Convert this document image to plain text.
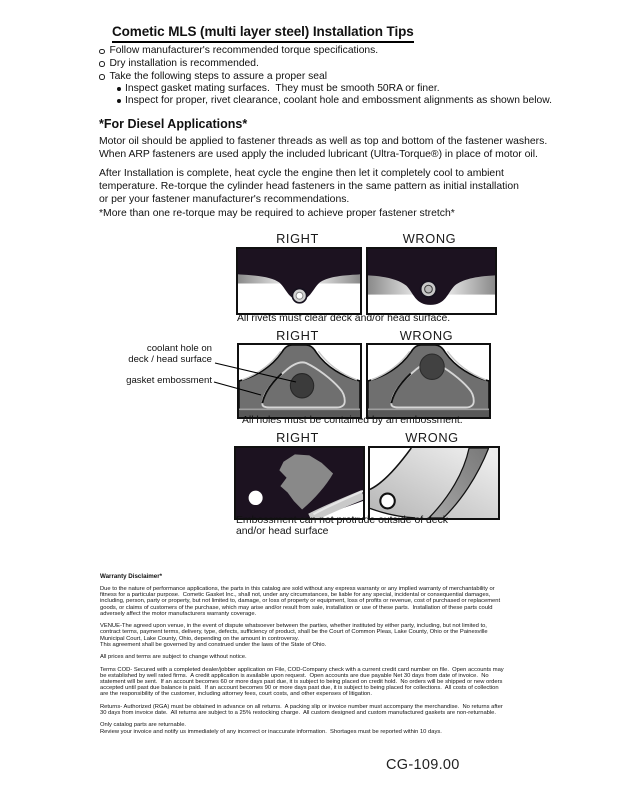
Cometic MLS (multi layer steel) Installation Tips
Follow manufacturer's recommended torque specifications.
Dry installation is recommended.
Take the following steps to assure a proper seal
Inspect gasket mating surfaces.  They must be smooth 50RA or finer.
Inspect for proper, rivet clearance, coolant hole and embossment alignments as shown below.
*For Diesel Applications*
Motor oil should be applied to fastener threads as well as top and bottom of the fastener washers.
When ARP fasteners are used apply the included lubricant (Ultra-Torque®) in place of motor oil.
After Installation is complete, heat cycle the engine then let it completely cool to ambient
temperature. Re-torque the cylinder head fasteners in the same pattern as initial installation
or per your fastener manufacturer's recommendations.
*More than one re-torque may be required to achieve proper fastener stretch*
RIGHT	WRONG
All rivets must clear deck and/or head surface.
RIGHT	WRONG
coolant hole on
deck / head surface
gasket embossment
All holes must be contained by an embossment.
RIGHT	WRONG
Embossment can not protrude outside of deck
and/or head surface
Warranty Disclaimer*
Due to the nature of performance applications, the parts in this catalog are sold without any express warranty or any implied warranty of merchantability or
fitness for a particular purpose.  Cometic Gasket Inc., shall not, under any circumstances, be liable for any special, incidental or consequential damages,
including, person, party or property, but not limited to, damage, or loss of property or equipment, loss of profits or revenue, cost of purchased or replacement
goods, or claims of customers of the purchase, which may arise and/or result from sale, installation or use of these parts.  Installation of these parts could
adversely affect the motor manufacturers warranty coverage.
VENUE-The agreed upon venue, in the event of dispute whatsoever between the parties, whether instituted by either party, including, but not limited to,
contract terms, payment terms, delivery, type, defects, sufficiency of product, shall be the Court of Common Pleas, Lake County, Ohio or the Painesville
Municipal Court, Lake County, Ohio, depending on the amount in controversy.
This agreement shall be governed by and construed under the laws of the State of Ohio.
All prices and terms are subject to change without notice.
Terms COD- Secured with a completed dealer/jobber application on File, COD-Company check with a current credit card number on file.  Open accounts may
be established by well rated firms.  A credit application is available upon request.  Open accounts are due payable Net 30 days from date of invoice.  No
statement will be sent.  If an account becomes 60 or more days past due, it is subject to being placed on credit hold.  No orders will be shipped or new orders
accepted until past due balance is paid.  If an account becomes 90 or more days past due, it is subject to being placed for collections.  All costs of collection
are the responsibility of the customer, including attorney fees, court costs, and other expenses of litigation.
Returns- Authorized (RGA) must be obtained in advance on all returns.  A packing slip or invoice number must accompany the merchandise.  No returns after
30 days from invoice date.  All returns are subject to a 25% restocking charge.  All custom designed and custom manufactured gaskets are non-returnable.
Only catalog parts are returnable.
Review your invoice and notify us immediately of any incorrect or inaccurate information.  Shortages must be reported within 10 days.
CG-109.00
